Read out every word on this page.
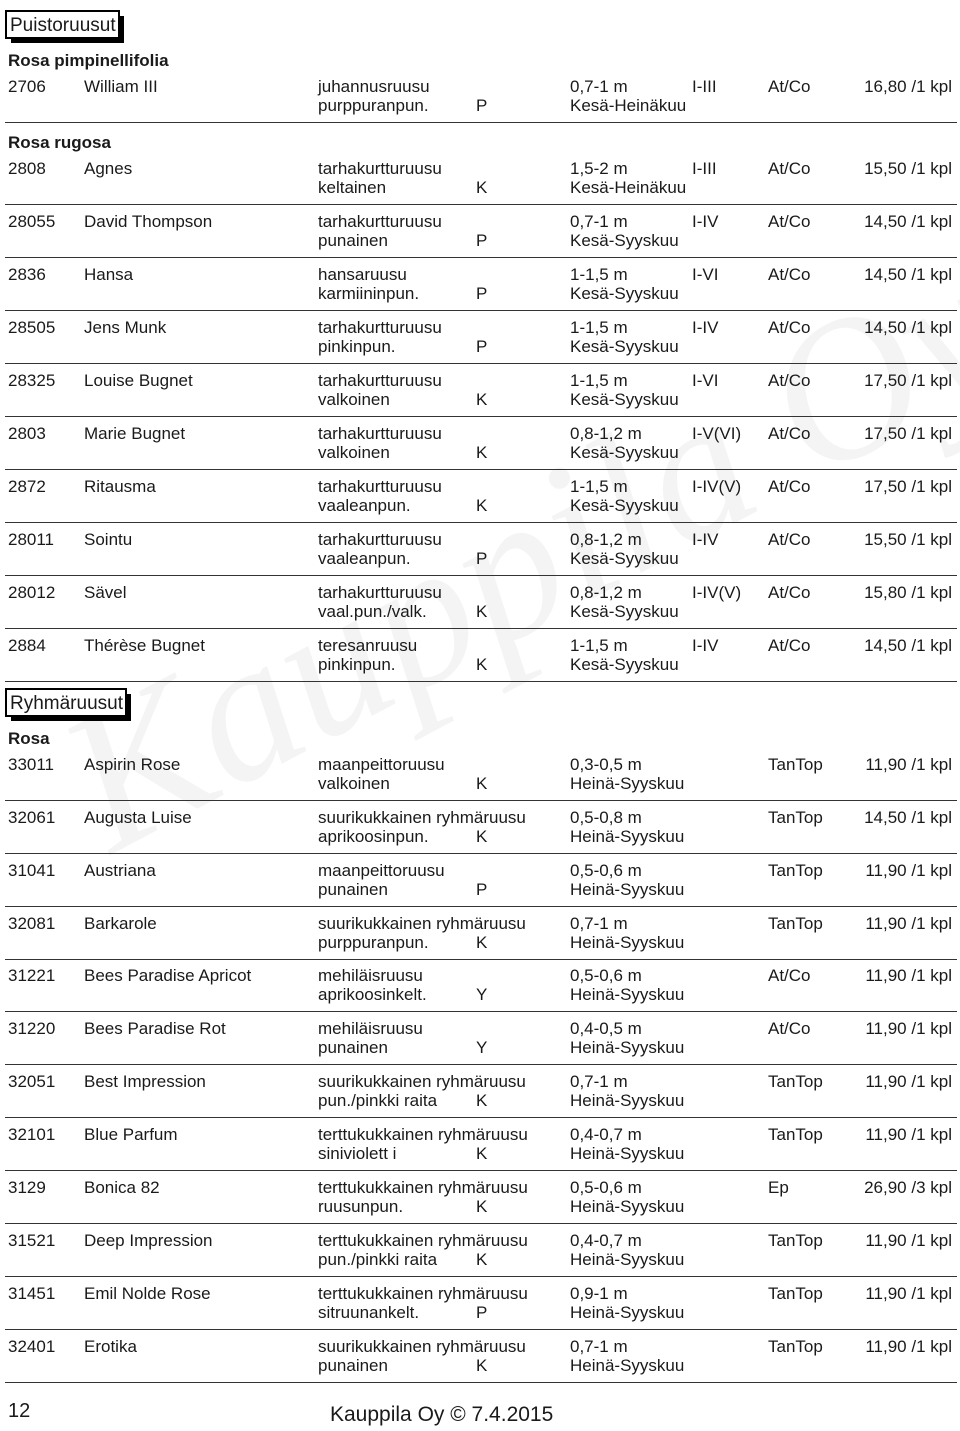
Puistoruusut
Rosa pimpinellifolia
2706 William III	juhannusruusu
purppuranpun.	P
0,7-1 m
Kesä-Heinäkuu
I-III	At/Co	16,80 /1 kpl
Rosa rugosa
2808 Agnes	tarhakurtturuusu
keltainen	K
1,5-2 m
Kesä-Heinäkuu
I-III	At/Co	15,50 /1 kpl
28055 David Thompson	tarhakurtturuusu
punainen	P
0,7-1 m
Kesä-Syyskuu
I-IV	At/Co	14,50 /1 kpl
2836 Hansa	hansaruusu
karmiininpun.	P
1-1,5 m
Kesä-Syyskuu
I-VI	At/Co	14,50 /1 kpl
28505 Jens Munk	tarhakurtturuusu
pinkinpun.	P
1-1,5 m
Kesä-Syyskuu
I-IV	At/Co	14,50 /1 kpl
28325 Louise Bugnet	tarhakurtturuusu
valkoinen	K
1-1,5 m
Kesä-Syyskuu
I-VI	At/Co	17,50 /1 kpl
2803 Marie Bugnet	tarhakurtturuusu
valkoinen	K
0,8-1,2 m
Kesä-Syyskuu
I-V(VI) At/Co	17,50 /1 kpl
2872 Ritausma	tarhakurtturuusu
vaaleanpun.	K
1-1,5 m
Kesä-Syyskuu
I-IV(V) At/Co	17,50 /1 kpl
28011 Sointu	tarhakurtturuusu
vaaleanpun.	P
0,8-1,2 m
Kesä-Syyskuu
I-IV	At/Co	15,50 /1 kpl
28012 Sävel	tarhakurtturuusu
vaal.pun./valk.	K
0,8-1,2 m
Kesä-Syyskuu
I-IV(V) At/Co	15,80 /1 kpl
2884 Thérèse Bugnet	teresanruusu
pinkinpun.	K
1-1,5 m
Kesä-Syyskuu
I-IV	At/Co	14,50 /1 kpl
Ryhmäruusut
Rosa
33011 Aspirin Rose	maanpeittoruusu
valkoinen	K
0,3-0,5 m
Heinä-Syyskuu
TanTop	11,90 /1 kpl
32061 Augusta Luise	suurikukkainen ryhmäruusu
aprikoosinpun.	K
0,5-0,8 m
Heinä-Syyskuu
TanTop 14,50 /1 kpl
31041 Austriana	maanpeittoruusu
punainen	P
0,5-0,6 m
Heinä-Syyskuu
TanTop	11,90 /1 kpl
32081 Barkarole	suurikukkainen ryhmäruusu
purppuranpun.	K
0,7-1 m
Heinä-Syyskuu
TanTop	11,90 /1 kpl
31221 Bees Paradise Apricot	mehiläisruusu
aprikoosinkelt.	Y
0,5-0,6 m
Heinä-Syyskuu
At/Co	11,90 /1 kpl
31220 Bees Paradise Rot	mehiläisruusu
punainen	Y
0,4-0,5 m
Heinä-Syyskuu
At/Co	11,90 /1 kpl
32051 Best Impression	suurikukkainen ryhmäruusu
pun./pinkki raita K
0,7-1 m
Heinä-Syyskuu
TanTop	11,90 /1 kpl
32101 Blue Parfum	terttukukkainen ryhmäruusu
siniviolett i	K
0,4-0,7 m
Heinä-Syyskuu
TanTop	11,90 /1 kpl
3129 Bonica 82	terttukukkainen ryhmäruusu
ruusunpun.	K
0,5-0,6 m
Heinä-Syyskuu
Ep	26,90 /3 kpl
31521 Deep Impression	terttukukkainen ryhmäruusu
pun./pinkki raita K
0,4-0,7 m
Heinä-Syyskuu
TanTop	11,90 /1 kpl
31451 Emil Nolde Rose	terttukukkainen ryhmäruusu
sitruunankelt.	P
0,9-1 m
Heinä-Syyskuu
TanTop	11,90 /1 kpl
32401 Erotika	suurikukkainen ryhmäruusu
punainen	K
0,7-1 m
Heinä-Syyskuu
TanTop	11,90 /1 kpl
12	Kauppila Oy © 7.4.2015
